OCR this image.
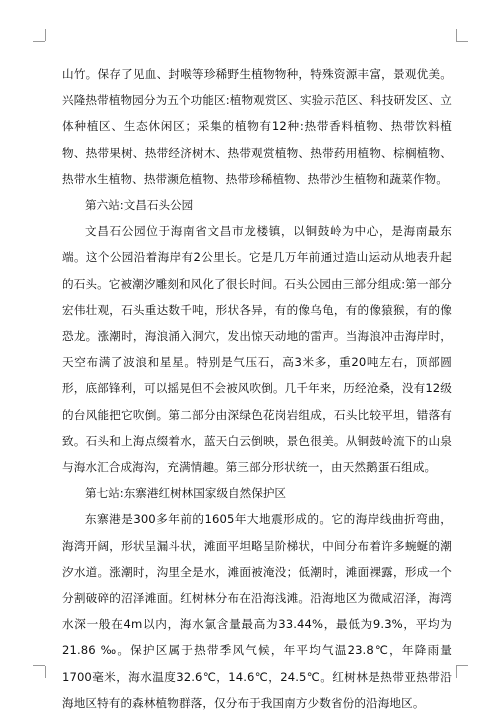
山竹。保存了见血、封喉等珍稀野生植物物种，特殊资源丰富，景观优美。兴隆热带植物园分为五个功能区:植物观赏区、实验示范区、科技研发区、立体种植区、生态休闲区；采集的植物有12种:热带香料植物、热带饮料植物、热带果树、热带经济树木、热带观赏植物、热带药用植物、棕榈植物、热带水生植物、热带濒危植物、热带珍稀植物、热带沙生植物和蔬菜作物。

第六站:文昌石头公园

文昌石公园位于海南省文昌市龙楼镇，以铜鼓岭为中心，是海南最东端。这个公园沿着海岸有2公里长。它是几万年前通过造山运动从地表升起的石头。它被潮汐雕刻和风化了很长时间。石头公园由三部分组成:第一部分宏伟壮观，石头重达数千吨，形状各异，有的像乌龟，有的像猿猴，有的像恐龙。涨潮时，海浪涌入洞穴，发出惊天动地的雷声。当海浪冲击海岸时，天空布满了波浪和星星。特别是气压石，高3米多，重20吨左右，顶部圆形，底部锋利，可以摇晃但不会被风吹倒。几千年来，历经沧桑，没有12级的台风能把它吹倒。第二部分由深绿色花岗岩组成，石头比较平坦，错落有致。石头和上海点缀着水，蓝天白云倒映，景色很美。从铜鼓岭流下的山泉与海水汇合成海沟，充满情趣。第三部分形状统一，由天然鹅蛋石组成。

第七站:东寨港红树林国家级自然保护区

东寨港是300多年前的1605年大地震形成的。它的海岸线曲折弯曲，海湾开阔，形状呈漏斗状，滩面平坦略呈阶梯状，中间分布着许多蜿蜒的潮汐水道。涨潮时，沟里全是水，滩面被淹没；低潮时，滩面裸露，形成一个分割破碎的沼泽滩面。红树林分布在沿海浅滩。沿海地区为微咸沼泽，海湾水深一般在4m以内，海水氯含量最高为33.44%，最低为9.3%，平均为21.86 ‰。保护区属于热带季风气候，年平均气温23.8℃，年降雨量1700毫米，海水温度32.6℃，14.6℃，24.5℃。红树林是热带亚热带沿海地区特有的森林植物群落，仅分布于我国南方少数省份的沿海地区。
